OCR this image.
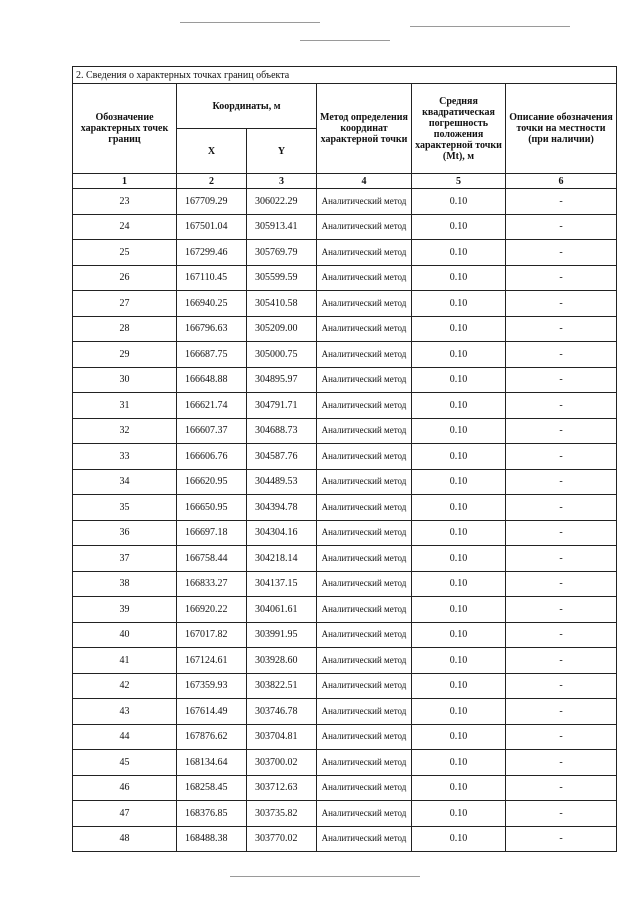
2. Сведения о характерных точках границ объекта					
Обозначение характерных точек границ	Координаты, м		Метод определения координат характерной точки	Средняя квадратическая погрешность положения характерной точки (Mt), м	Описание обозначения точки на местности (при наличии)
	X	Y			
1	2	3	4	5	6
23	167709.29	306022.29	Аналитический метод	0.10	-
24	167501.04	305913.41	Аналитический метод	0.10	-
25	167299.46	305769.79	Аналитический метод	0.10	-
26	167110.45	305599.59	Аналитический метод	0.10	-
27	166940.25	305410.58	Аналитический метод	0.10	-
28	166796.63	305209.00	Аналитический метод	0.10	-
29	166687.75	305000.75	Аналитический метод	0.10	-
30	166648.88	304895.97	Аналитический метод	0.10	-
31	166621.74	304791.71	Аналитический метод	0.10	-
32	166607.37	304688.73	Аналитический метод	0.10	-
33	166606.76	304587.76	Аналитический метод	0.10	-
34	166620.95	304489.53	Аналитический метод	0.10	-
35	166650.95	304394.78	Аналитический метод	0.10	-
36	166697.18	304304.16	Аналитический метод	0.10	-
37	166758.44	304218.14	Аналитический метод	0.10	-
38	166833.27	304137.15	Аналитический метод	0.10	-
39	166920.22	304061.61	Аналитический метод	0.10	-
40	167017.82	303991.95	Аналитический метод	0.10	-
41	167124.61	303928.60	Аналитический метод	0.10	-
42	167359.93	303822.51	Аналитический метод	0.10	-
43	167614.49	303746.78	Аналитический метод	0.10	-
44	167876.62	303704.81	Аналитический метод	0.10	-
45	168134.64	303700.02	Аналитический метод	0.10	-
46	168258.45	303712.63	Аналитический метод	0.10	-
47	168376.85	303735.82	Аналитический метод	0.10	-
48	168488.38	303770.02	Аналитический метод	0.10	-
